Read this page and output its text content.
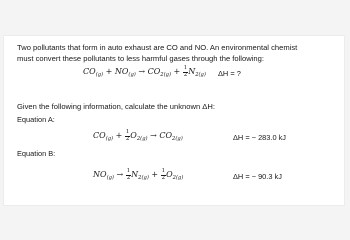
Two pollutants that form in auto exhaust are CO and NO. An environmental chemist
must convert these pollutants to less harmful gases through the following:
$CO_{(g)} + NO_{(g)} \to CO_{2(g)} + \frac{1}{2} N_{2(g)}$ ΔH = ?
Given the following information, calculate the unknown ΔH:
Equation A:
$CO_{(g)} + \frac{1}{2} O_{2(g)} \to CO_{2(g)}$	ΔH = − 283.0 kJ
Equation B:
$NO_{(g)} \to \frac{1}{2} N_{2(g)} + \frac{1}{2} O_{2(g)}$	ΔH = − 90.3 kJ
